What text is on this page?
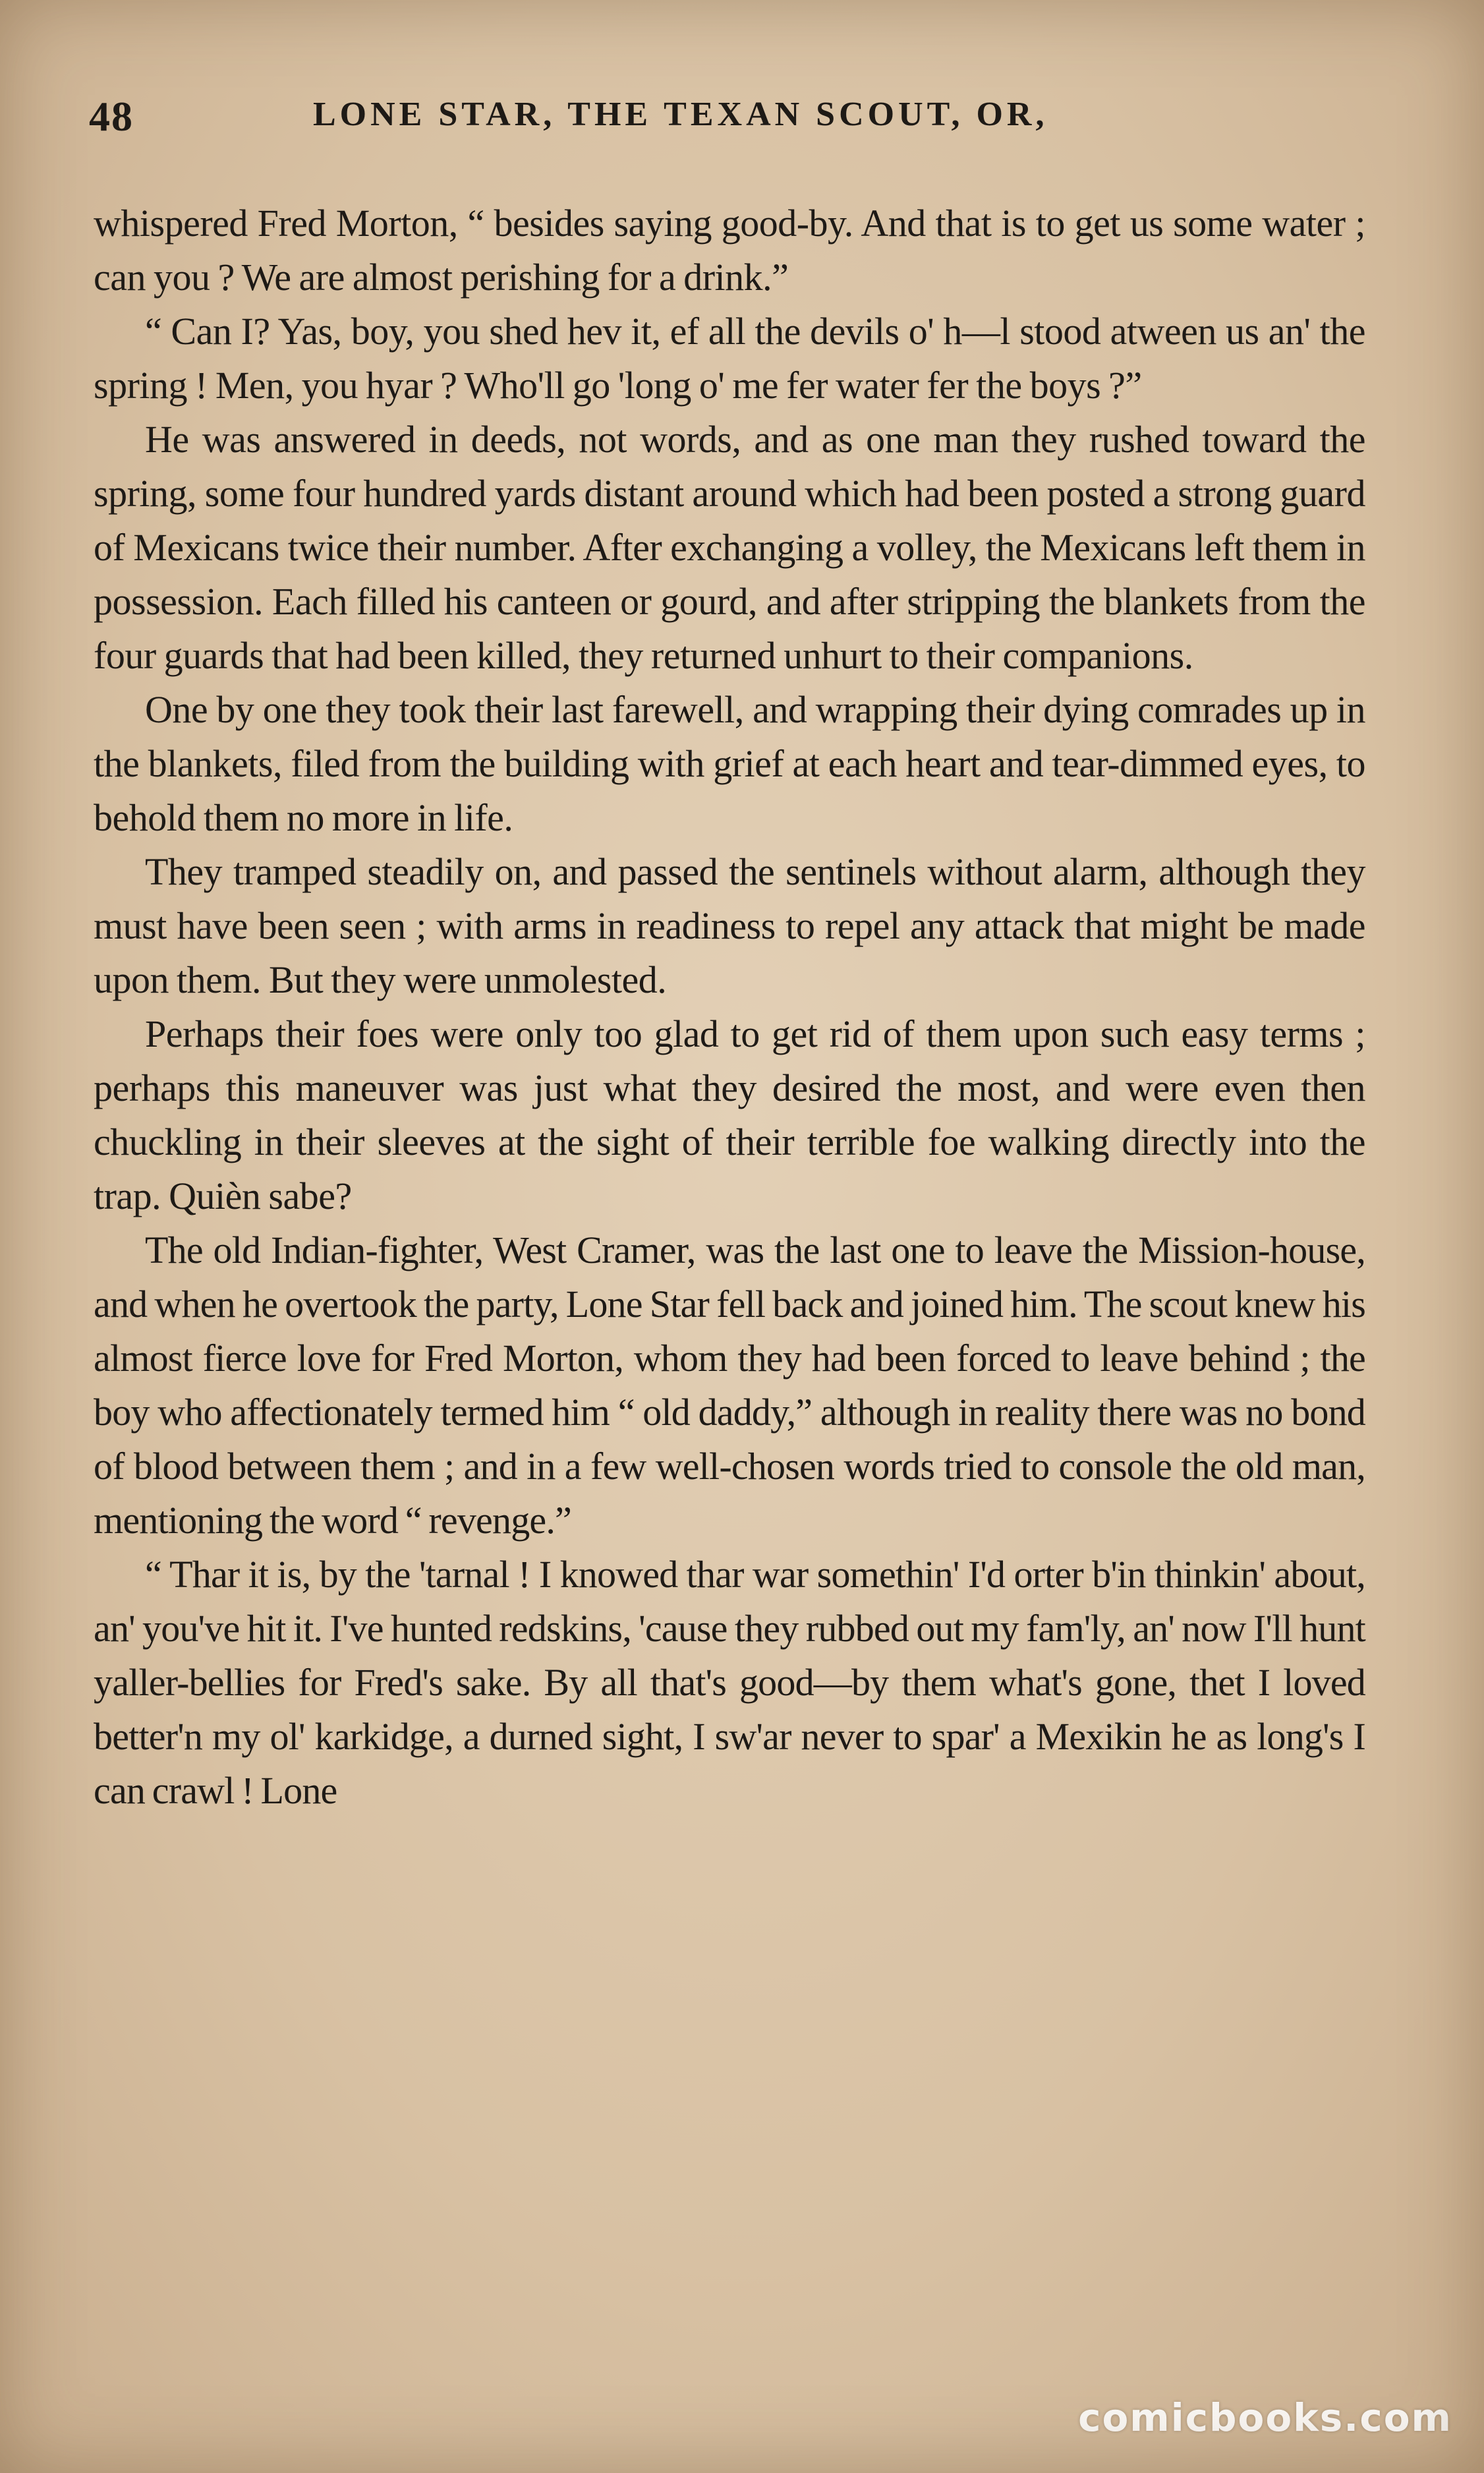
48	LONE STAR, THE TEXAN SCOUT, OR,

whispered Fred Morton, “ besides saying good-by. And that is to get us some water ; can you ? We are almost perishing for a drink.”

“ Can I? Yas, boy, you shed hev it, ef all the devils o' h—l stood atween us an' the spring ! Men, you hyar ? Who'll go 'long o' me fer water fer the boys ?”

He was answered in deeds, not words, and as one man they rushed toward the spring, some four hundred yards distant around which had been posted a strong guard of Mexicans twice their number. After exchanging a volley, the Mexicans left them in possession. Each filled his canteen or gourd, and after stripping the blankets from the four guards that had been killed, they returned unhurt to their companions.

One by one they took their last farewell, and wrapping their dying comrades up in the blankets, filed from the building with grief at each heart and tear-dimmed eyes, to behold them no more in life.

They tramped steadily on, and passed the sentinels without alarm, although they must have been seen ; with arms in readiness to repel any attack that might be made upon them. But they were unmolested.

Perhaps their foes were only too glad to get rid of them upon such easy terms ; perhaps this maneuver was just what they desired the most, and were even then chuckling in their sleeves at the sight of their terrible foe walking directly into the trap. Quièn sabe?

The old Indian-fighter, West Cramer, was the last one to leave the Mission-house, and when he overtook the party, Lone Star fell back and joined him. The scout knew his almost fierce love for Fred Morton, whom they had been forced to leave behind ; the boy who affectionately termed him “ old daddy,” although in reality there was no bond of blood between them ; and in a few well-chosen words tried to console the old man, mentioning the word “ revenge.”

“ Thar it is, by the 'tarnal ! I knowed thar war somethin' I'd orter b'in thinkin' about, an' you've hit it. I've hunted redskins, 'cause they rubbed out my fam'ly, an' now I'll hunt yaller-bellies for Fred's sake. By all that's good—by them what's gone, thet I loved better'n my ol' karkidge, a durned sight, I sw'ar never to spar' a Mexikin he as long's I can crawl ! Lone

comicbooks.com
